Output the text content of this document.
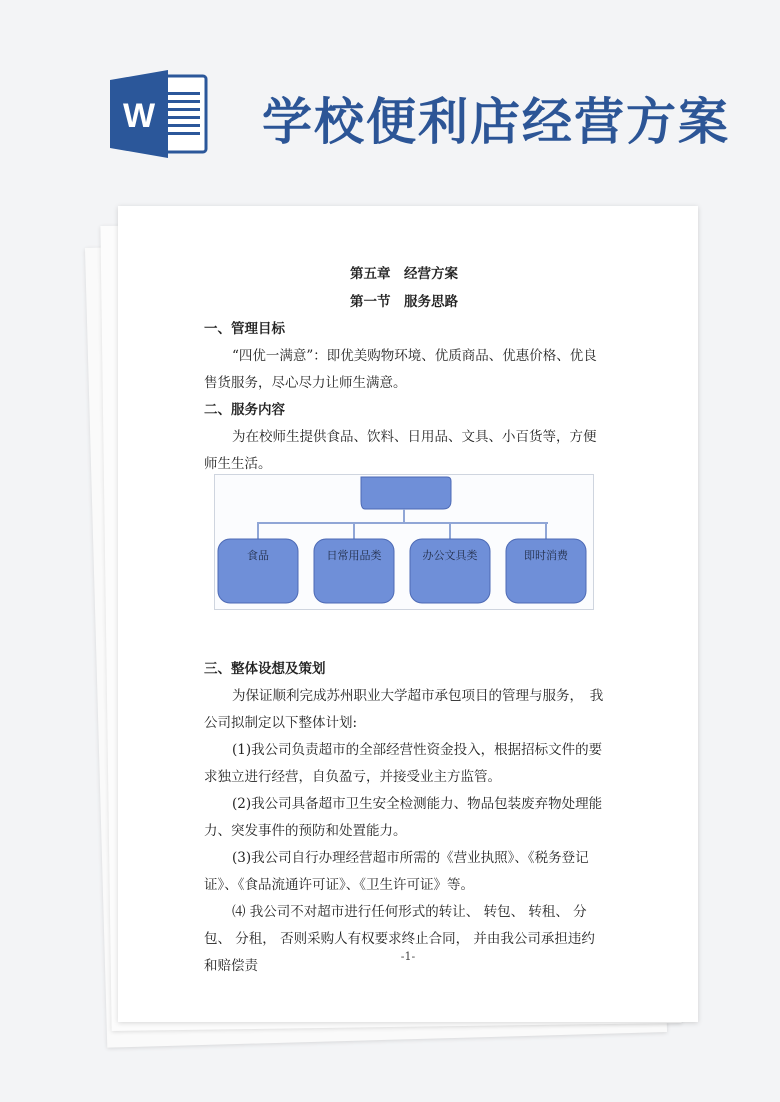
W 学校便利店经营方案
第五章　经营方案
第一节　服务思路
一、管理目标
“四优一满意”：即优美购物环境、优质商品、优惠价格、优良售货服务，尽心尽力让师生满意。
二、服务内容
为在校师生提供食品、饮料、日用品、文具、小百货等，方便师生生活。
三、整体设想及策划
为保证顺利完成苏州职业大学超市承包项目的管理与服务，　我公司拟制定以下整体计划:
(1)我公司负责超市的全部经营性资金投入，根据招标文件的要求独立进行经营，自负盈亏，并接受业主方监管。
(2)我公司具备超市卫生安全检测能力、物品包装废弃物处理能力、突发事件的预防和处置能力。
(3)我公司自行办理经营超市所需的《营业执照》、《税务登记证》、《食品流通许可证》、《卫生许可证》等。
⑷ 我公司不对超市进行任何形式的转让、 转包、 转租、 分包、 分租， 否则采购人有权要求终止合同， 并由我公司承担违约和赔偿责
食品	日常用品类	办公文具类	即时消费
-1-
